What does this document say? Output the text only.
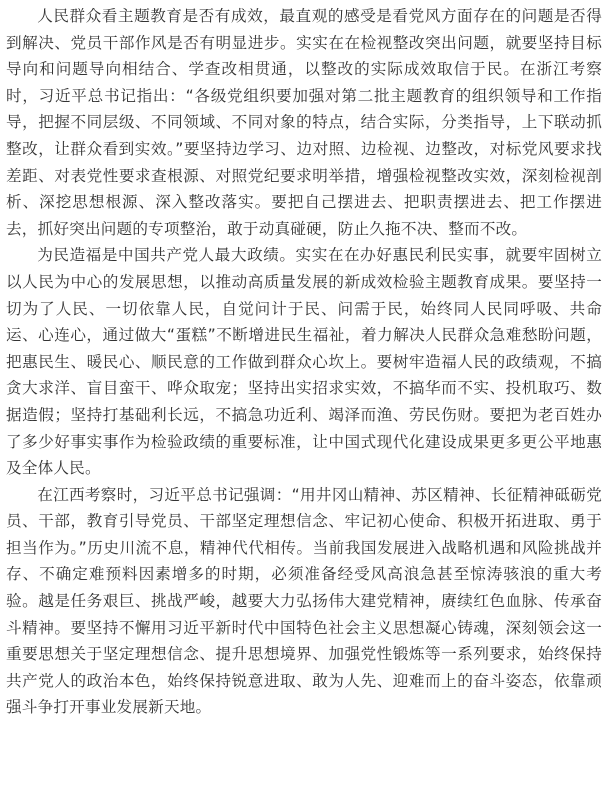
人民群众看主题教育是否有成效，最直观的感受是看党风方面存在的问题是否得到解决、党员干部作风是否有明显进步。实实在在检视整改突出问题，就要坚持目标导向和问题导向相结合、学查改相贯通，以整改的实际成效取信于民。在浙江考察时，习近平总书记指出：“各级党组织要加强对第二批主题教育的组织领导和工作指导，把握不同层级、不同领域、不同对象的特点，结合实际，分类指导，上下联动抓整改，让群众看到实效。”要坚持边学习、边对照、边检视、边整改，对标党风要求找差距、对表党性要求查根源、对照党纪要求明举措，增强检视整改实效，深刻检视剖析、深挖思想根源、深入整改落实。要把自己摆进去、把职责摆进去、把工作摆进去，抓好突出问题的专项整治，敢于动真碰硬，防止久拖不决、整而不改。

为民造福是中国共产党人最大政绩。实实在在办好惠民利民实事，就要牢固树立以人民为中心的发展思想，以推动高质量发展的新成效检验主题教育成果。要坚持一切为了人民、一切依靠人民，自觉问计于民、问需于民，始终同人民同呼吸、共命运、心连心，通过做大“蛋糕”不断增进民生福祉，着力解决人民群众急难愁盼问题，把惠民生、暖民心、顺民意的工作做到群众心坎上。要树牢造福人民的政绩观，不搞贪大求洋、盲目蛮干、哗众取宠；坚持出实招求实效，不搞华而不实、投机取巧、数据造假；坚持打基础利长远，不搞急功近利、竭泽而渔、劳民伤财。要把为老百姓办了多少好事实事作为检验政绩的重要标准，让中国式现代化建设成果更多更公平地惠及全体人民。

在江西考察时，习近平总书记强调：“用井冈山精神、苏区精神、长征精神砥砺党员、干部，教育引导党员、干部坚定理想信念、牢记初心使命、积极开拓进取、勇于担当作为。”历史川流不息，精神代代相传。当前我国发展进入战略机遇和风险挑战并存、不确定难预料因素增多的时期，必须准备经受风高浪急甚至惊涛骇浪的重大考验。越是任务艰巨、挑战严峻，越要大力弘扬伟大建党精神，赓续红色血脉、传承奋斗精神。要坚持不懈用习近平新时代中国特色社会主义思想凝心铸魂，深刻领会这一重要思想关于坚定理想信念、提升思想境界、加强党性锻炼等一系列要求，始终保持共产党人的政治本色，始终保持锐意进取、敢为人先、迎难而上的奋斗姿态，依靠顽强斗争打开事业发展新天地。
